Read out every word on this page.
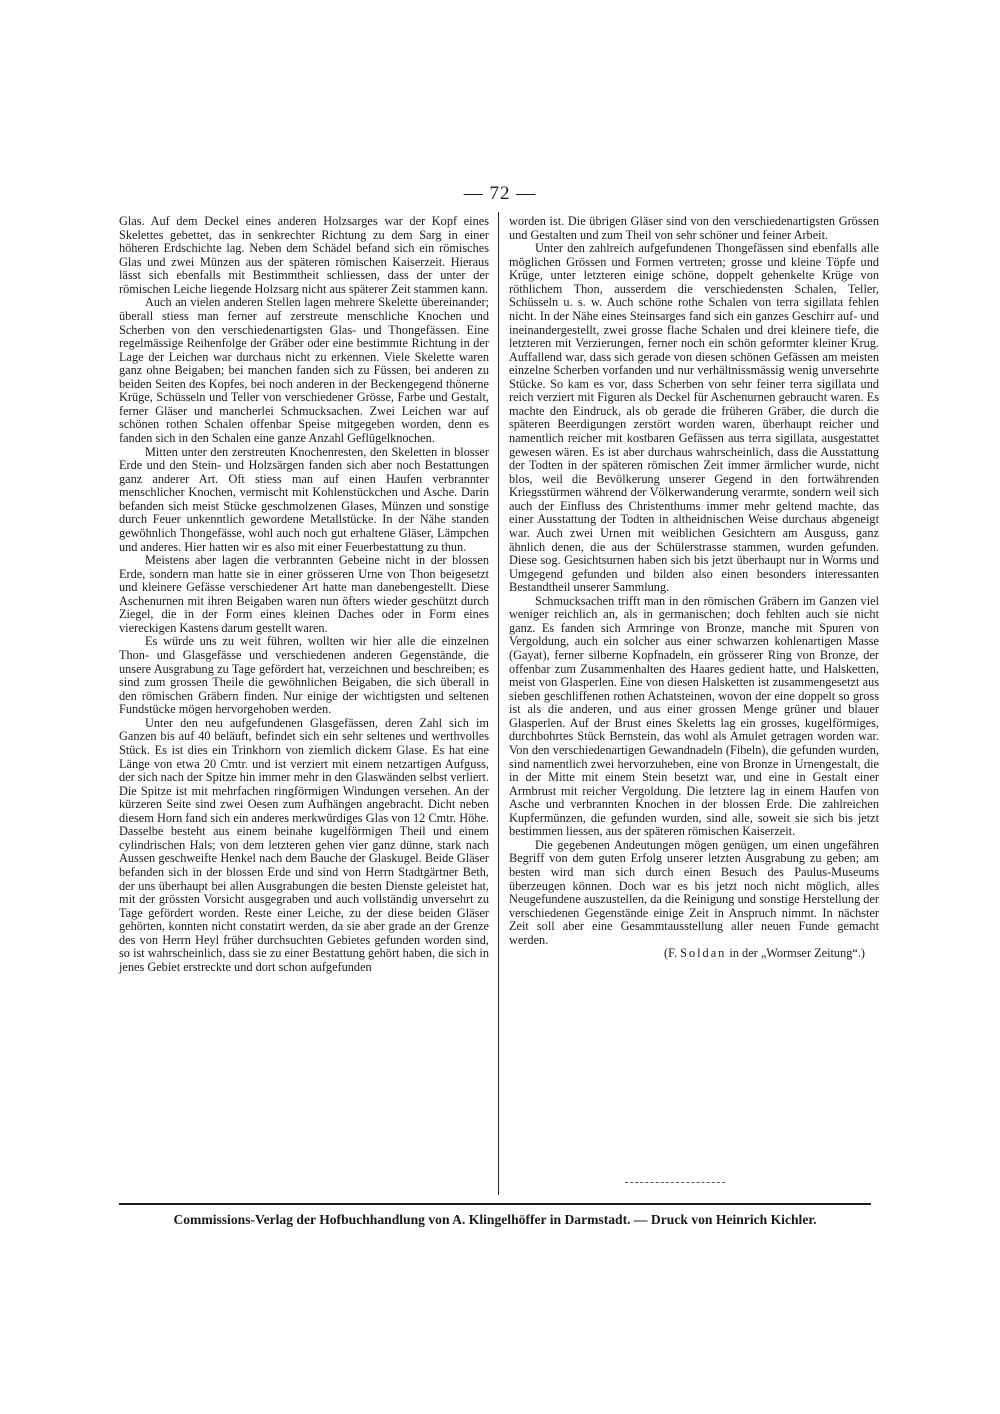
— 72 —

Glas. Auf dem Deckel eines anderen Holzsarges war der Kopf eines Skelettes gebettet, das in senkrechter Richtung zu dem Sarg in einer höheren Erdschichte lag. Neben dem Schädel befand sich ein römisches Glas und zwei Münzen aus der späteren römischen Kaiserzeit. Hieraus lässt sich ebenfalls mit Bestimmtheit schliessen, dass der unter der römischen Leiche liegende Holzsarg nicht aus späterer Zeit stammen kann.

Auch an vielen anderen Stellen lagen mehrere Skelette übereinander; überall stiess man ferner auf zerstreute menschliche Knochen und Scherben von den verschiedenartigsten Glas- und Thongefässen. Eine regelmässige Reihenfolge der Gräber oder eine bestimmte Richtung in der Lage der Leichen war durchaus nicht zu erkennen. Viele Skelette waren ganz ohne Beigaben; bei manchen fanden sich zu Füssen, bei anderen zu beiden Seiten des Kopfes, bei noch anderen in der Beckengegend thönerne Krüge, Schüsseln und Teller von verschiedener Grösse, Farbe und Gestalt, ferner Gläser und mancherlei Schmucksachen. Zwei Leichen war auf schönen rothen Schalen offenbar Speise mitgegeben worden, denn es fanden sich in den Schalen eine ganze Anzahl Geflügelknochen.

Mitten unter den zerstreuten Knochenresten, den Skeletten in blosser Erde und den Stein- und Holzsärgen fanden sich aber noch Bestattungen ganz anderer Art. Oft stiess man auf einen Haufen verbrannter menschlicher Knochen, vermischt mit Kohlenstückchen und Asche. Darin befanden sich meist Stücke geschmolzenen Glases, Münzen und sonstige durch Feuer unkenntlich gewordene Metallstücke. In der Nähe standen gewöhnlich Thongefässe, wohl auch noch gut erhaltene Gläser, Lämpchen und anderes. Hier hatten wir es also mit einer Feuerbestattung zu thun.

Meistens aber lagen die verbrannten Gebeine nicht in der blossen Erde, sondern man hatte sie in einer grösseren Urne von Thon beigesetzt und kleinere Gefässe verschiedener Art hatte man danebengestellt. Diese Aschenurnen mit ihren Beigaben waren nun öfters wieder geschützt durch Ziegel, die in der Form eines kleinen Daches oder in Form eines viereckigen Kastens darum gestellt waren.

Es würde uns zu weit führen, wollten wir hier alle die einzelnen Thon- und Glasgefässe und verschiedenen anderen Gegenstände, die unsere Ausgrabung zu Tage gefördert hat, verzeichnen und beschreiben; es sind zum grossen Theile die gewöhnlichen Beigaben, die sich überall in den römischen Gräbern finden. Nur einige der wichtigsten und seltenen Fundstücke mögen hervorgehoben werden.

Unter den neu aufgefundenen Glasgefässen, deren Zahl sich im Ganzen bis auf 40 beläuft, befindet sich ein sehr seltenes und werthvolles Stück. Es ist dies ein Trinkhorn von ziemlich dickem Glase. Es hat eine Länge von etwa 20 Cmtr. und ist verziert mit einem netzartigen Aufguss, der sich nach der Spitze hin immer mehr in den Glaswänden selbst verliert. Die Spitze ist mit mehrfachen ringförmigen Windungen versehen. An der kürzeren Seite sind zwei Oesen zum Aufhängen angebracht. Dicht neben diesem Horn fand sich ein anderes merkwürdiges Glas von 12 Cmtr. Höhe. Dasselbe besteht aus einem beinahe kugelförmigen Theil und einem cylindrischen Hals; von dem letzteren gehen vier ganz dünne, stark nach Aussen geschweifte Henkel nach dem Bauche der Glaskugel. Beide Gläser befanden sich in der blossen Erde und sind von Herrn Stadtgärtner Beth, der uns überhaupt bei allen Ausgrabungen die besten Dienste geleistet hat, mit der grössten Vorsicht ausgegraben und auch vollständig unversehrt zu Tage gefördert worden. Reste einer Leiche, zu der diese beiden Gläser gehörten, konnten nicht constatirt werden, da sie aber grade an der Grenze des von Herrn Heyl früher durchsuchten Gebietes gefunden worden sind, so ist wahrscheinlich, dass sie zu einer Bestattung gehört haben, die sich in jenes Gebiet erstreckte und dort schon aufgefunden

worden ist. Die übrigen Gläser sind von den verschiedenartigsten Grössen und Gestalten und zum Theil von sehr schöner und feiner Arbeit.

Unter den zahlreich aufgefundenen Thongefässen sind ebenfalls alle möglichen Grössen und Formen vertreten; grosse und kleine Töpfe und Krüge, unter letzteren einige schöne, doppelt gehenkelte Krüge von röthlichem Thon, ausserdem die verschiedensten Schalen, Teller, Schüsseln u. s. w. Auch schöne rothe Schalen von terra sigillata fehlen nicht. In der Nähe eines Steinsarges fand sich ein ganzes Geschirr auf- und ineinandergestellt, zwei grosse flache Schalen und drei kleinere tiefe, die letzteren mit Verzierungen, ferner noch ein schön geformter kleiner Krug. Auffallend war, dass sich gerade von diesen schönen Gefässen am meisten einzelne Scherben vorfanden und nur verhältnissmässig wenig unversehrte Stücke. So kam es vor, dass Scherben von sehr feiner terra sigillata und reich verziert mit Figuren als Deckel für Aschenurnen gebraucht waren. Es machte den Eindruck, als ob gerade die früheren Gräber, die durch die späteren Beerdigungen zerstört worden waren, überhaupt reicher und namentlich reicher mit kostbaren Gefässen aus terra sigillata, ausgestattet gewesen wären. Es ist aber durchaus wahrscheinlich, dass die Ausstattung der Todten in der späteren römischen Zeit immer ärmlicher wurde, nicht blos, weil die Bevölkerung unserer Gegend in den fortwährenden Kriegsstürmen während der Völkerwanderung verarmte, sondern weil sich auch der Einfluss des Christenthums immer mehr geltend machte, das einer Ausstattung der Todten in altheidnischen Weise durchaus abgeneigt war. Auch zwei Urnen mit weiblichen Gesichtern am Ausguss, ganz ähnlich denen, die aus der Schülerstrasse stammen, wurden gefunden. Diese sog. Gesichtsurnen haben sich bis jetzt überhaupt nur in Worms und Umgegend gefunden und bilden also einen besonders interessanten Bestandtheil unserer Sammlung.

Schmucksachen trifft man in den römischen Gräbern im Ganzen viel weniger reichlich an, als in germanischen; doch fehlten auch sie nicht ganz. Es fanden sich Armringe von Bronze, manche mit Spuren von Vergoldung, auch ein solcher aus einer schwarzen kohlenartigen Masse (Gayat), ferner silberne Kopfnadeln, ein grösserer Ring von Bronze, der offenbar zum Zusammenhalten des Haares gedient hatte, und Halsketten, meist von Glasperlen. Eine von diesen Halsketten ist zusammengesetzt aus sieben geschliffenen rothen Achatsteinen, wovon der eine doppelt so gross ist als die anderen, und aus einer grossen Menge grüner und blauer Glasperlen. Auf der Brust eines Skeletts lag ein grosses, kugelförmiges, durchbohrtes Stück Bernstein, das wohl als Amulet getragen worden war. Von den verschiedenartigen Gewandnadeln (Fibeln), die gefunden wurden, sind namentlich zwei hervorzuheben, eine von Bronze in Urnengestalt, die in der Mitte mit einem Stein besetzt war, und eine in Gestalt einer Armbrust mit reicher Vergoldung. Die letztere lag in einem Haufen von Asche und verbrannten Knochen in der blossen Erde. Die zahlreichen Kupfermünzen, die gefunden wurden, sind alle, soweit sie sich bis jetzt bestimmen liessen, aus der späteren römischen Kaiserzeit.

Die gegebenen Andeutungen mögen genügen, um einen ungefähren Begriff von dem guten Erfolg unserer letzten Ausgrabung zu geben; am besten wird man sich durch einen Besuch des Paulus-Museums überzeugen können. Doch war es bis jetzt noch nicht möglich, alles Neugefundene auszustellen, da die Reinigung und sonstige Herstellung der verschiedenen Gegenstände einige Zeit in Anspruch nimmt. In nächster Zeit soll aber eine Gesammtausstellung aller neuen Funde gemacht werden.

(F. Soldan in der „Wormser Zeitung“.)

Commissions-Verlag der Hofbuchhandlung von A. Klingelhöffer in Darmstadt. — Druck von Heinrich Kichler.
